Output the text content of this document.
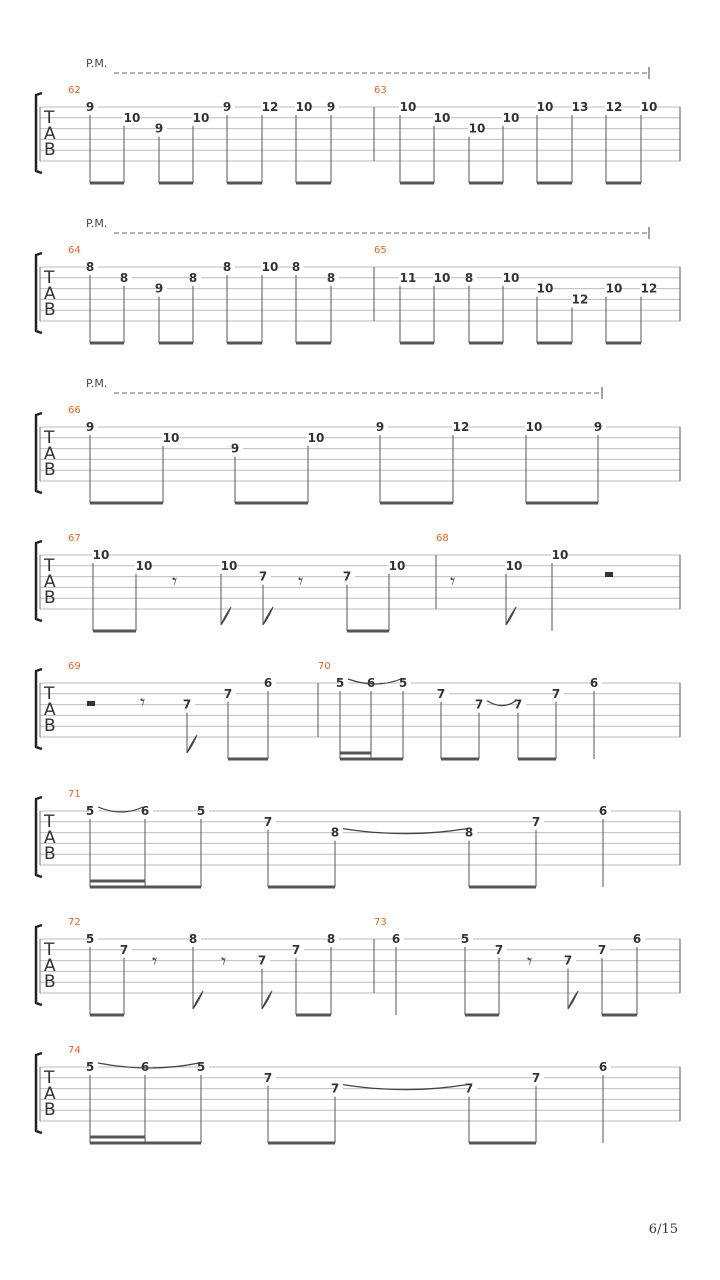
P.M.
T
A
B
62
9
10
9
10
9	12 10 9
63
10
10
10
10
10 13 12 10
P.M.
T
A
B
64
8
8
9
8
8	10 8
8
65
11 10 8 10
10
12
10 12
P.M.
T
A
B
66
9
10
9
10
9	12	10	9
T
A
B
67
10
10	10
7	7
10
68
10
10
T
A
B
69
7
7
6
70
5 6 5
7
7	7
7
6
T
A
B
71
5	6	5
7
8	8
7
6
T
A
B
72
5
7
8
7
7
8
73
6	5
7
7
7
6
T
A
B
74
5	6	5
7
7	7
7
6
𝄾	𝄾	𝄾
𝄾
𝄾	𝄾	𝄾
6/15
